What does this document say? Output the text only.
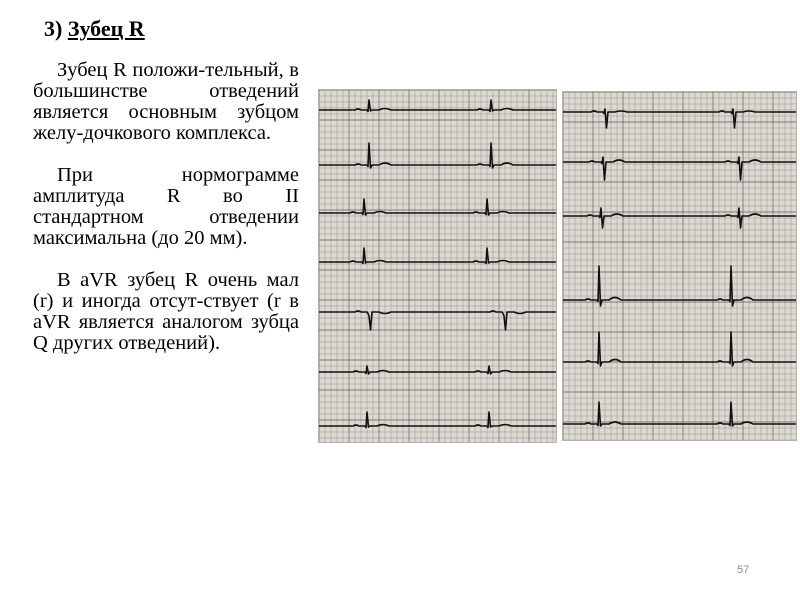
3) Зубец R

Зубец R положи-тельный, в большинстве отведений является основным зубцом желу-дочкового комплекса.

При нормограмме амплитуда R во II стандартном отведении максимальна (до 20 мм).

В aVR зубец R очень мал (r) и иногда отсут-ствует (r в aVR является аналогом зубца Q других отведений).

57
